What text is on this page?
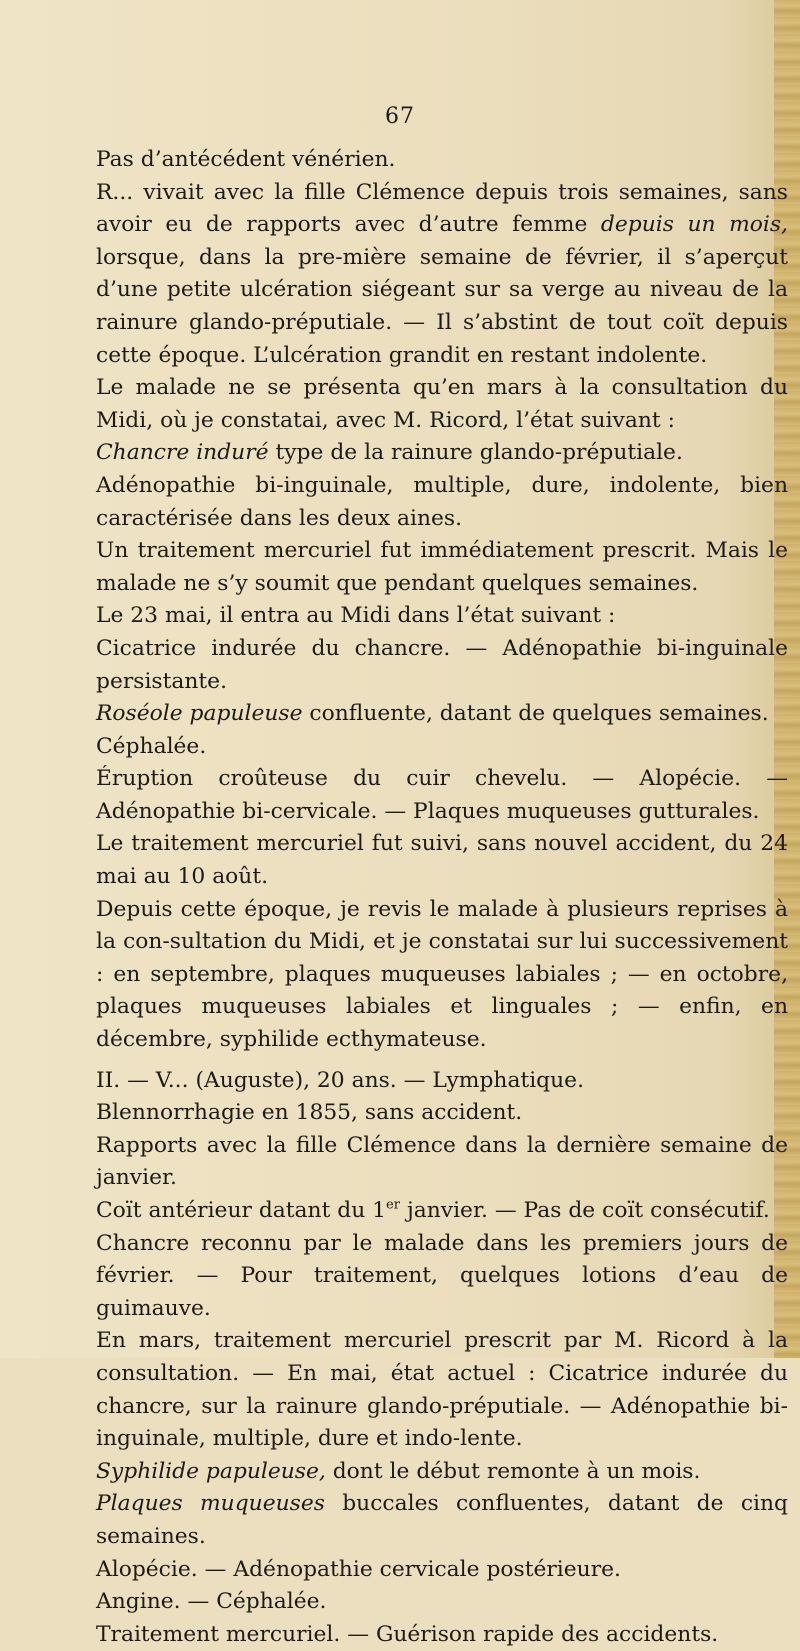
67

Pas d’antécédent vénérien.

R... vivait avec la fille Clémence depuis trois semaines, sans avoir eu de rapports avec d’autre femme depuis un mois, lorsque, dans la pre-mière semaine de février, il s’aperçut d’une petite ulcération siégeant sur sa verge au niveau de la rainure glando-préputiale. — Il s’abstint de tout coït depuis cette époque. L’ulcération grandit en restant indolente.

Le malade ne se présenta qu’en mars à la consultation du Midi, où je constatai, avec M. Ricord, l’état suivant :

Chancre induré type de la rainure glando-préputiale.

Adénopathie bi-inguinale, multiple, dure, indolente, bien caractérisée dans les deux aines.

Un traitement mercuriel fut immédiatement prescrit. Mais le malade ne s’y soumit que pendant quelques semaines.

Le 23 mai, il entra au Midi dans l’état suivant :

Cicatrice indurée du chancre. — Adénopathie bi-inguinale persistante.

Roséole papuleuse confluente, datant de quelques semaines.

Céphalée.

Éruption croûteuse du cuir chevelu. — Alopécie. — Adénopathie bi-cervicale. — Plaques muqueuses gutturales.

Le traitement mercuriel fut suivi, sans nouvel accident, du 24 mai au 10 août.

Depuis cette époque, je revis le malade à plusieurs reprises à la con-sultation du Midi, et je constatai sur lui successivement : en septembre, plaques muqueuses labiales ; — en octobre, plaques muqueuses labiales et linguales ; — enfin, en décembre, syphilide ecthymateuse.

II. — V... (Auguste), 20 ans. — Lymphatique.

Blennorrhagie en 1855, sans accident.

Rapports avec la fille Clémence dans la dernière semaine de janvier.

Coït antérieur datant du 1er janvier. — Pas de coït consécutif.

Chancre reconnu par le malade dans les premiers jours de février. — Pour traitement, quelques lotions d’eau de guimauve.

En mars, traitement mercuriel prescrit par M. Ricord à la consultation. — En mai, état actuel : Cicatrice indurée du chancre, sur la rainure glando-préputiale. — Adénopathie bi-inguinale, multiple, dure et indo-lente.

Syphilide papuleuse, dont le début remonte à un mois.

Plaques muqueuses buccales confluentes, datant de cinq semaines.

Alopécie. — Adénopathie cervicale postérieure.

Angine. — Céphalée.

Traitement mercuriel. — Guérison rapide des accidents.
